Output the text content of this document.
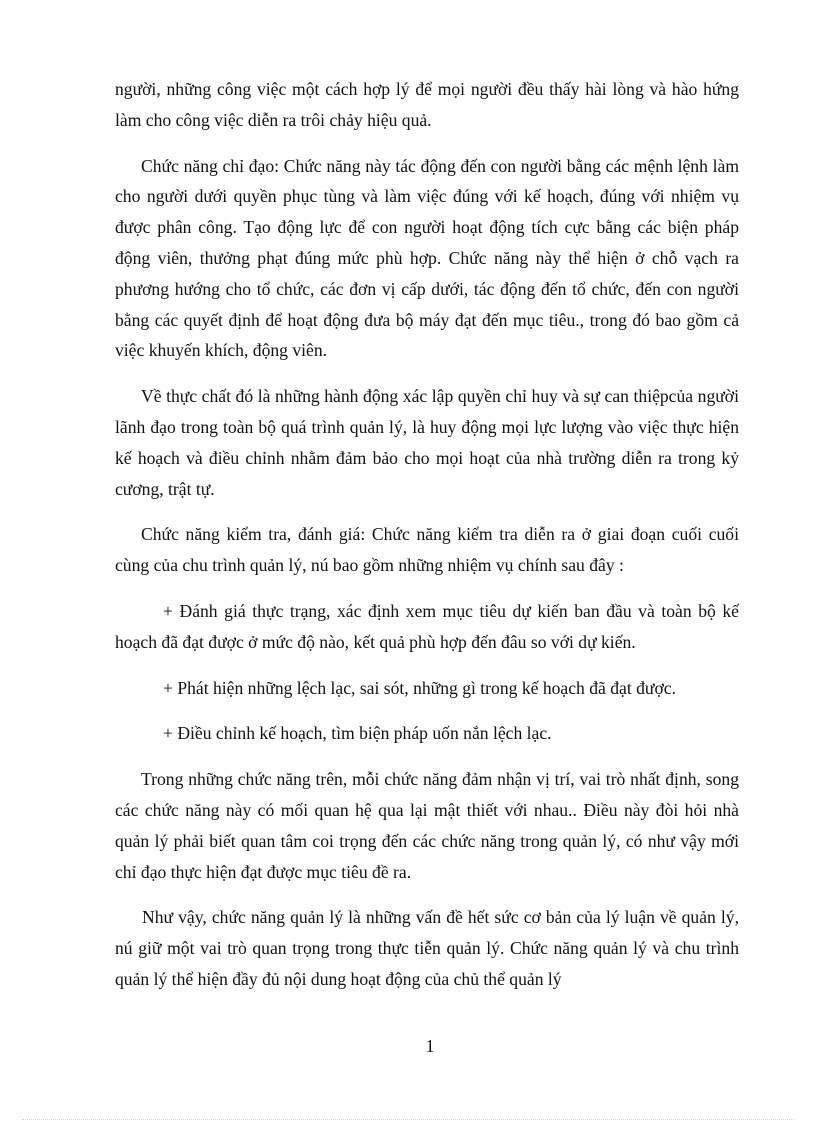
người, những công việc một cách hợp lý để mọi người đều thấy hài lòng và hào hứng làm cho công việc diễn ra trôi chảy hiệu quả.

Chức năng chỉ đạo: Chức năng này tác động đến con người bằng các mệnh lệnh làm cho người dưới quyền phục tùng và làm việc đúng với kế hoạch, đúng với nhiệm vụ được phân công. Tạo động lực để con người hoạt động tích cực bằng các biện pháp động viên, thưởng phạt đúng mức phù hợp. Chức năng này thể hiện ở chỗ vạch ra phương hướng cho tổ chức, các đơn vị cấp dưới, tác động đến tổ chức, đến con người bằng các quyết định để hoạt động đưa bộ máy đạt đến mục tiêu., trong đó bao gồm cả việc khuyến khích, động viên.

Về thực chất đó là những hành động xác lập quyền chỉ huy và sự can thiệpcủa người lãnh đạo trong toàn bộ quá trình quản lý, là huy động mọi lực lượng vào việc thực hiện kế hoạch và điều chỉnh nhằm đảm bảo cho mọi hoạt của nhà trường diễn ra trong kỷ cương, trật tự.

Chức năng kiểm tra, đánh giá: Chức năng kiểm tra diễn ra ở giai đoạn cuối cuối cùng của chu trình quản lý, nú bao gồm những nhiệm vụ chính sau đây :

+ Đánh giá thực trạng, xác định xem mục tiêu dự kiến ban đầu và toàn bộ kế hoạch đã đạt được ở mức độ nào, kết quả phù hợp đến đâu so với dự kiến.

+ Phát hiện những lệch lạc, sai sót, những gì trong kế hoạch đã đạt được.

+ Điều chỉnh kế hoạch, tìm biện pháp uốn nắn lệch lạc.

Trong những chức năng trên, mỗi chức năng đảm nhận vị trí, vai trò nhất định, song các chức năng này có mối quan hệ qua lại mật thiết với nhau.. Điều này đòi hỏi nhà quản lý phải biết quan tâm coi trọng đến các chức năng trong quản lý, có như vậy mới chỉ đạo thực hiện đạt được mục tiêu đề ra.

Như vậy, chức năng quản lý là những vấn đề hết sức cơ bản của lý luận về quản lý, nú giữ một vai trò quan trọng trong thực tiễn quản lý. Chức năng quản lý và chu trình quản lý thể hiện đầy đủ nội dung hoạt động của chủ thể quản lý

1
